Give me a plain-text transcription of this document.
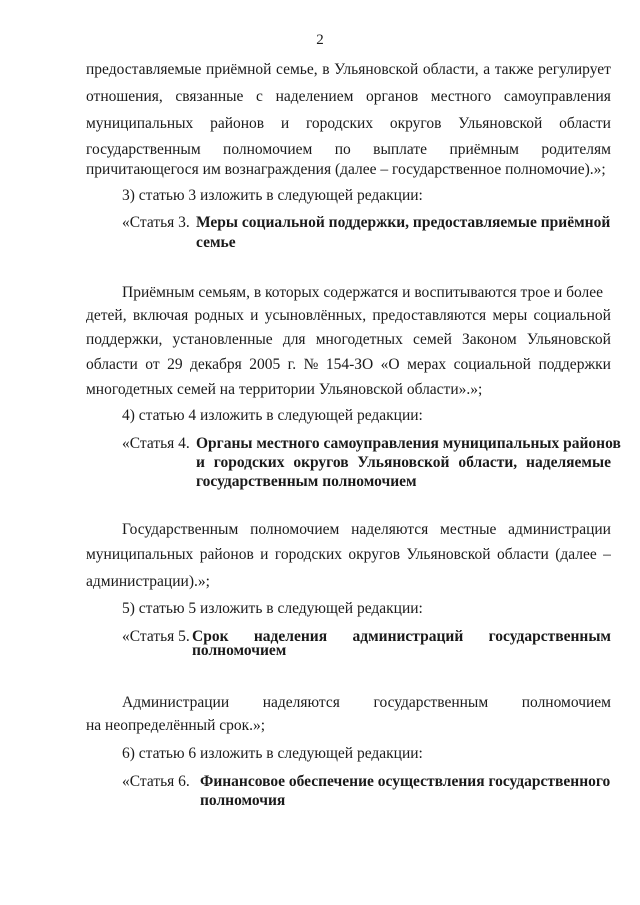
2
предоставляемые приёмной семье, в Ульяновской области, а также регулирует
отношения, связанные с наделением органов местного самоуправления
муниципальных районов и городских округов Ульяновской области
государственным полномочием по выплате приёмным родителям
причитающегося им вознаграждения (далее – государственное полномочие).»;
3) статью 3 изложить в следующей редакции:
«Статья 3. Меры социальной поддержки, предоставляемые приёмной
семье
Приёмным семьям, в которых содержатся и воспитываются трое и более
детей, включая родных и усыновлённых, предоставляются меры социальной
поддержки, установленные для многодетных семей Законом Ульяновской
области от 29 декабря 2005 г. № 154-ЗО «О мерах социальной поддержки
многодетных семей на территории Ульяновской области».»;
4) статью 4 изложить в следующей редакции:
«Статья 4. Органы местного самоуправления муниципальных районов
и городских округов Ульяновской области, наделяемые
государственным полномочием
Государственным полномочием наделяются местные администрации
муниципальных районов и городских округов Ульяновской области (далее –
администрации).»;
5) статью 5 изложить в следующей редакции:
«Статья 5. Срок наделения администраций государственным
полномочием
Администрации наделяются государственным полномочием
на неопределённый срок.»;
6) статью 6 изложить в следующей редакции:
«Статья 6. Финансовое обеспечение осуществления государственного
полномочия
